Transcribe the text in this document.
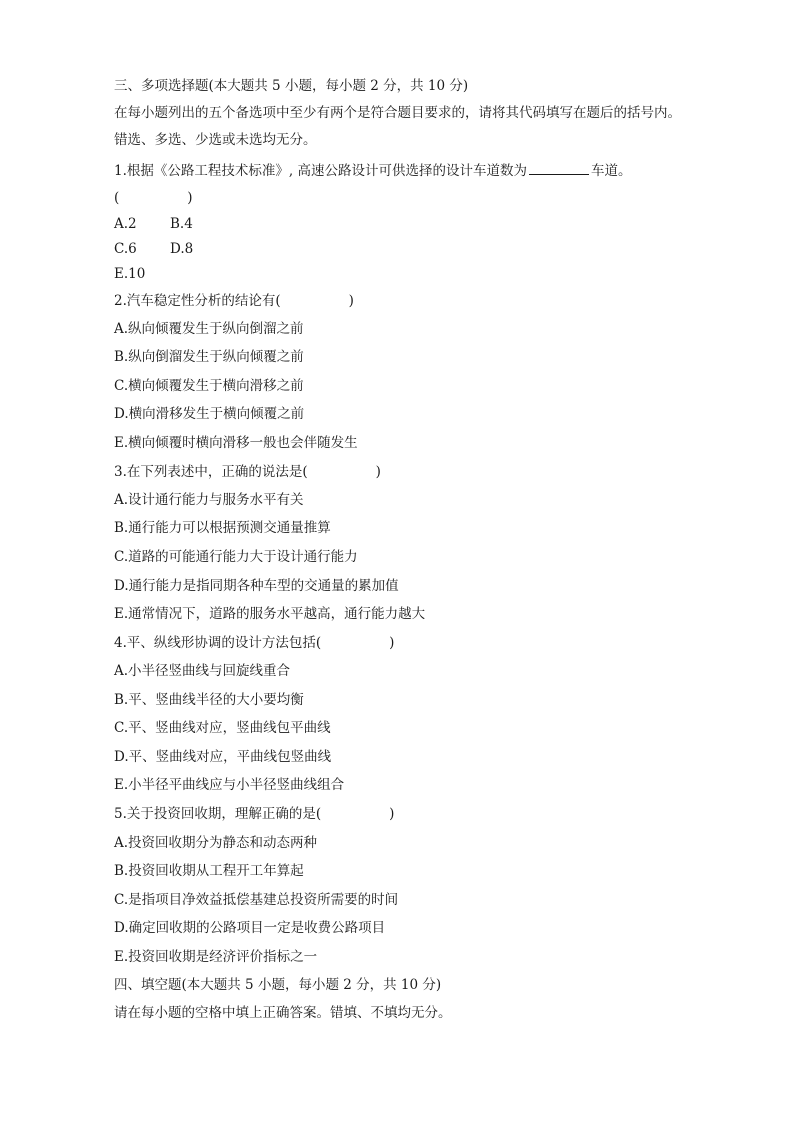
三、多项选择题(本大题共 5 小题，每小题 2 分，共 10 分)
在每小题列出的五个备选项中至少有两个是符合题目要求的，请将其代码填写在题后的括号内。
错选、多选、少选或未选均无分。
1.根据《公路工程技术标准》, 高速公路设计可供选择的设计车道数为	车道。
(	)
A.2 B.4
C.6 D.8
E.10
2.汽车稳定性分析的结论有(	)
A.纵向倾覆发生于纵向倒溜之前
B.纵向倒溜发生于纵向倾覆之前
C.横向倾覆发生于横向滑移之前
D.横向滑移发生于横向倾覆之前
E.横向倾覆时横向滑移一般也会伴随发生
3.在下列表述中，正确的说法是(	)
A.设计通行能力与服务水平有关
B.通行能力可以根据预测交通量推算
C.道路的可能通行能力大于设计通行能力
D.通行能力是指同期各种车型的交通量的累加值
E.通常情况下，道路的服务水平越高，通行能力越大
4.平、纵线形协调的设计方法包括(	)
A.小半径竖曲线与回旋线重合
B.平、竖曲线半径的大小要均衡
C.平、竖曲线对应，竖曲线包平曲线
D.平、竖曲线对应，平曲线包竖曲线
E.小半径平曲线应与小半径竖曲线组合
5.关于投资回收期，理解正确的是(	)
A.投资回收期分为静态和动态两种
B.投资回收期从工程开工年算起
C.是指项目净效益抵偿基建总投资所需要的时间
D.确定回收期的公路项目一定是收费公路项目
E.投资回收期是经济评价指标之一
四、填空题(本大题共 5 小题，每小题 2 分，共 10 分)
请在每小题的空格中填上正确答案。错填、不填均无分。
